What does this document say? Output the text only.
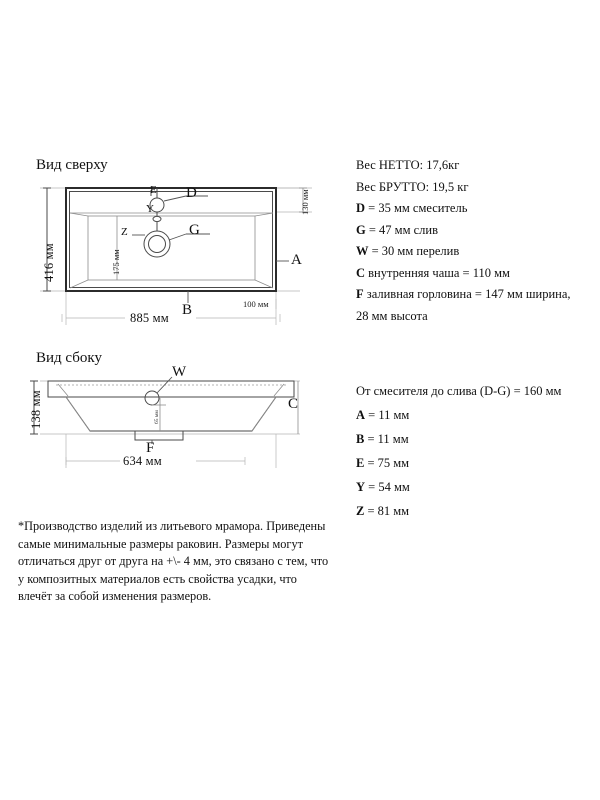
Вид сверху
416 мм
885 мм
175 мм
130 мм
100 мм
D
E
Y
G
Z
A
B
Вид сбоку
138 мм
634 мм
65 мм
W
C
F
Вес НЕТТО: 17,6кг
Вес БРУТТО: 19,5 кг
D = 35 мм смеситель
G = 47 мм слив
W = 30 мм перелив
C внутренняя чаша = 110 мм
F заливная горловина = 147 мм ширина,
28 мм высота
От смесителя до слива (D-G) = 160 мм
A = 11 мм
B = 11 мм
E = 75 мм
Y = 54 мм
Z = 81 мм
*Производство изделий из литьевого мрамора. Приведены самые минимальные размеры раковин. Размеры могут отличаться друг от друга на +\- 4 мм, это связано с тем, что у композитных материалов есть свойства усадки, что влечёт за собой изменения размеров.
